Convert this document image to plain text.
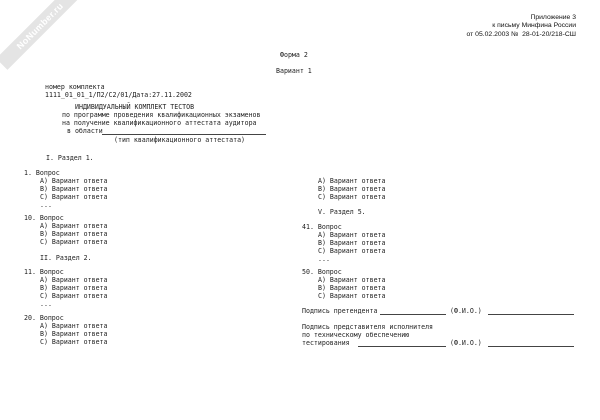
NoNumber.ru	Приложение 3
к письму Минфина России
от 05.02.2003 №  28-01-20/218-СШ
Форма 2
Вариант 1
номер комплекта
1111_01_01_1/П2/С2/01/Дата:27.11.2002
ИНДИВИДУАЛЬНЫЙ КОМПЛЕКТ ТЕСТОВ
по программе проведения квалификационных экзаменов
на получение квалификационного аттестата аудитора
в области
(тип квалификационного аттестата)
I. Раздел 1.
1. Вопрос
А) Вариант ответа
В) Вариант ответа
С) Вариант ответа
...
10. Вопрос
А) Вариант ответа
В) Вариант ответа
С) Вариант ответа
II. Раздел 2.
11. Вопрос
А) Вариант ответа
В) Вариант ответа
С) Вариант ответа
...
20. Вопрос
А) Вариант ответа
В) Вариант ответа
С) Вариант ответа
А) Вариант ответа
В) Вариант ответа
С) Вариант ответа
V. Раздел 5.
41. Вопрос
А) Вариант ответа
В) Вариант ответа
С) Вариант ответа
...
50. Вопрос
А) Вариант ответа
В) Вариант ответа
С) Вариант ответа
Подпись претендента	(Ф.И.О.)
Подпись представителя исполнителя
по техническому обеспечению
тестирования	(Ф.И.О.)
